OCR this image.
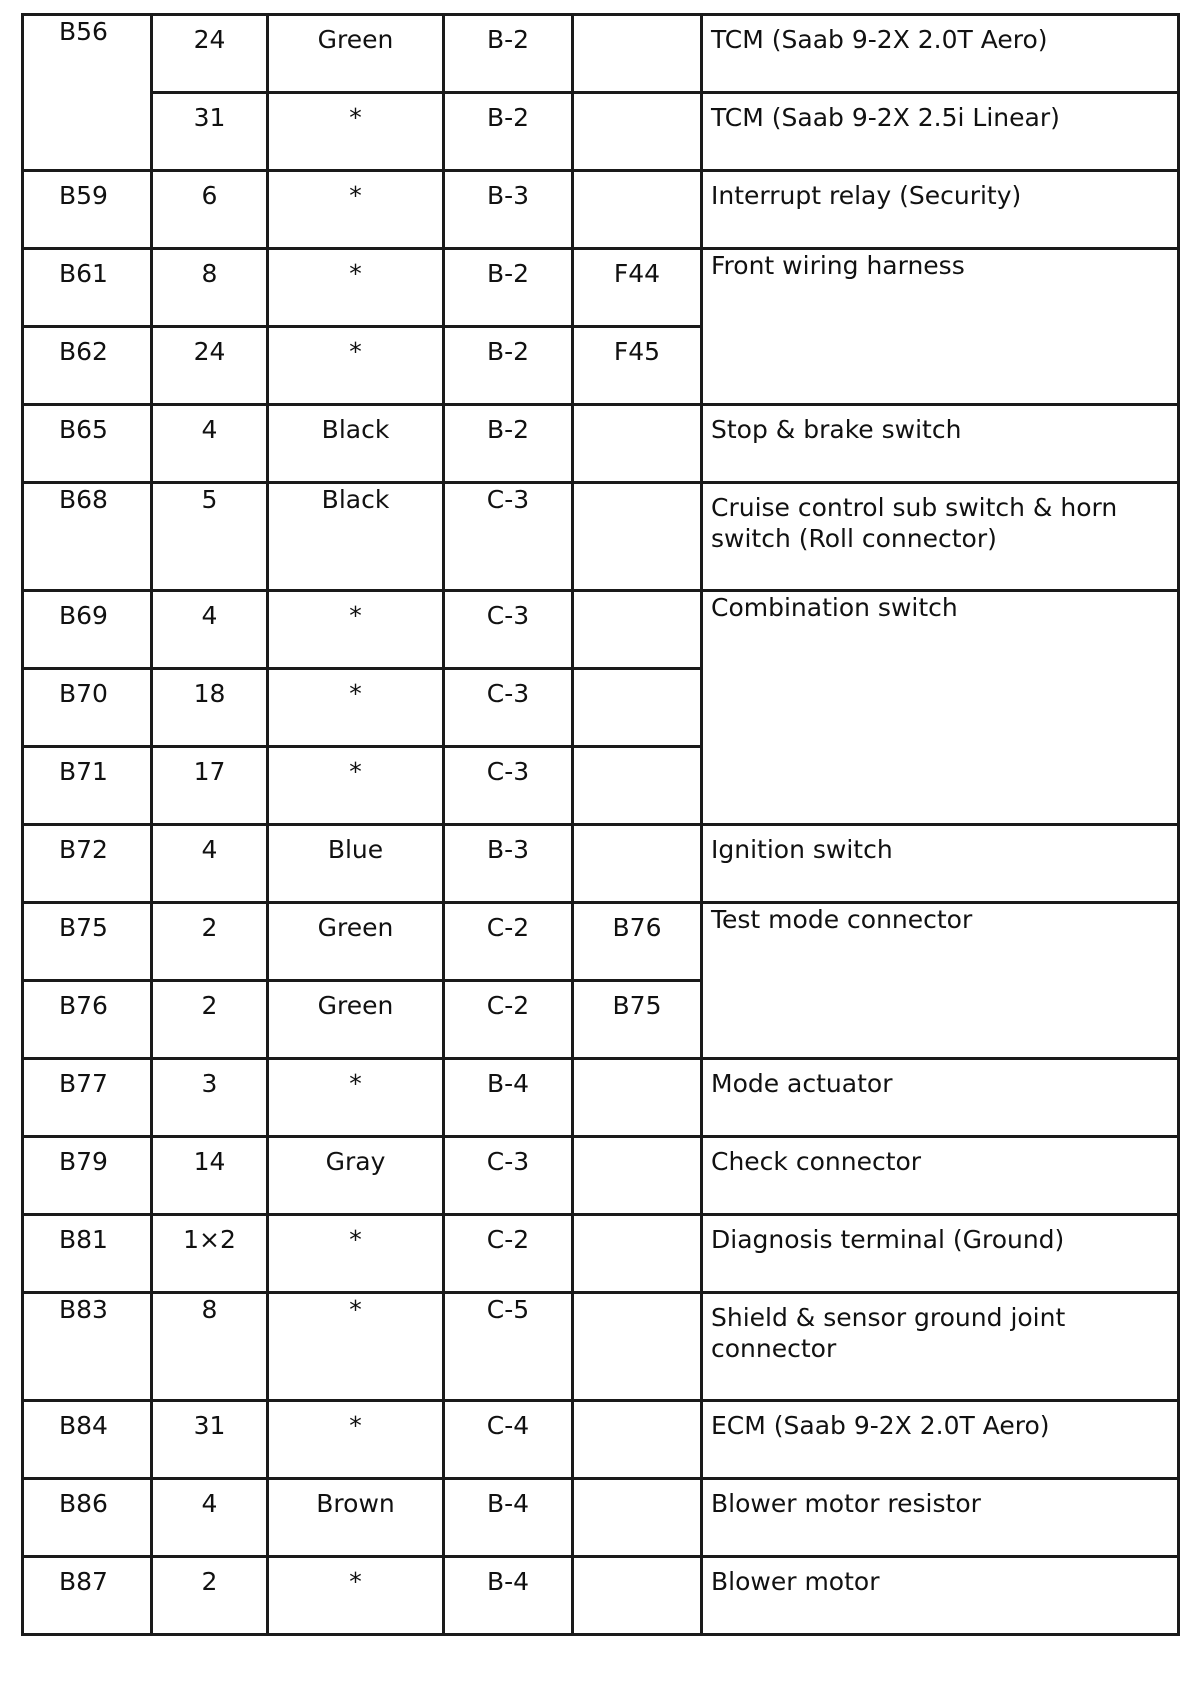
B56	24	Green	B-2		TCM (Saab 9-2X 2.0T Aero)

	31	*	B-2		TCM (Saab 9-2X 2.5i Linear)

B59	6	*	B-3		Interrupt relay (Security)

B61	8	*	B-2	F44	Front wiring harness

B62	24	*	B-2	F45	

B65	4	Black	B-2		Stop & brake switch

B68	5	Black	C-3		Cruise control sub switch & horn switch (Roll connector)

B69	4	*	C-3		Combination switch

B70	18	*	C-3		

B71	17	*	C-3		

B72	4	Blue	B-3		Ignition switch

B75	2	Green	C-2	B76	Test mode connector

B76	2	Green	C-2	B75	

B77	3	*	B-4		Mode actuator

B79	14	Gray	C-3		Check connector

B81	1×2	*	C-2		Diagnosis terminal (Ground)

B83	8	*	C-5		Shield & sensor ground joint connector

B84	31	*	C-4		ECM (Saab 9-2X 2.0T Aero)

B86	4	Brown	B-4		Blower motor resistor

B87	2	*	B-4		Blower motor
